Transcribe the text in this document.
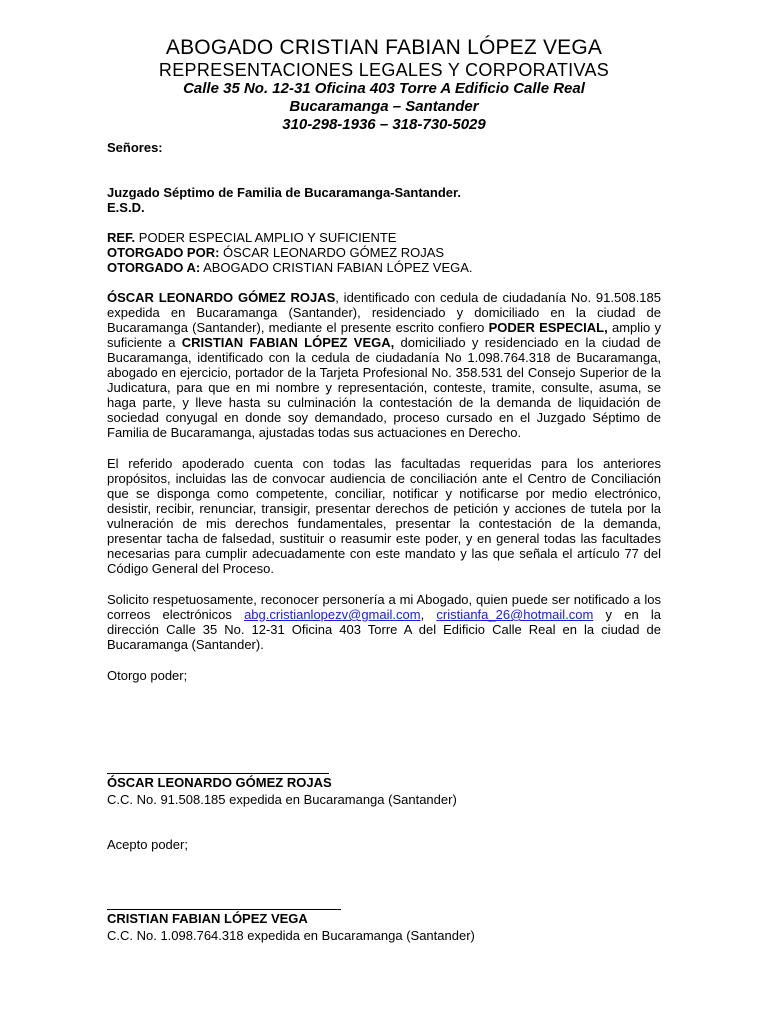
ABOGADO CRISTIAN FABIAN LÓPEZ VEGA
REPRESENTACIONES LEGALES Y CORPORATIVAS
Calle 35 No. 12-31 Oficina 403 Torre A Edificio Calle Real
Bucaramanga – Santander
310-298-1936 – 318-730-5029

Señores:

Juzgado Séptimo de Familia de Bucaramanga-Santander.

E.S.D.

REF. PODER ESPECIAL AMPLIO Y SUFICIENTE

OTORGADO POR: ÓSCAR LEONARDO GÓMEZ ROJAS

OTORGADO A: ABOGADO CRISTIAN FABIAN LÓPEZ VEGA.

ÓSCAR LEONARDO GÓMEZ ROJAS, identificado con cedula de ciudadanía No. 91.508.185 expedida en Bucaramanga (Santander), residenciado y domiciliado en la ciudad de Bucaramanga (Santander), mediante el presente escrito confiero PODER ESPECIAL, amplio y suficiente a CRISTIAN FABIAN LÓPEZ VEGA, domiciliado y residenciado en la ciudad de Bucaramanga, identificado con la cedula de ciudadanía No 1.098.764.318 de Bucaramanga, abogado en ejercicio, portador de la Tarjeta Profesional No. 358.531 del Consejo Superior de la Judicatura, para que en mi nombre y representación, conteste, tramite, consulte, asuma, se haga parte, y lleve hasta su culminación la contestación de la demanda de liquidación de sociedad conyugal en donde soy demandado, proceso cursado en el Juzgado Séptimo de Familia de Bucaramanga, ajustadas todas sus actuaciones en Derecho.

El referido apoderado cuenta con todas las facultadas requeridas para los anteriores propósitos, incluidas las de convocar audiencia de conciliación ante el Centro de Conciliación que se disponga como competente, conciliar, notificar y notificarse por medio electrónico, desistir, recibir, renunciar, transigir, presentar derechos de petición y acciones de tutela por la vulneración de mis derechos fundamentales, presentar la contestación de la demanda, presentar tacha de falsedad, sustituir o reasumir este poder, y en general todas las facultades necesarias para cumplir adecuadamente con este mandato y las que señala el artículo 77 del Código General del Proceso.

Solicito respetuosamente, reconocer personería a mi Abogado, quien puede ser notificado a los correos electrónicos abg.cristianlopezv@gmail.com, cristianfa_26@hotmail.com y en la dirección Calle 35 No. 12-31 Oficina 403 Torre A del Edificio Calle Real en la ciudad de Bucaramanga (Santander).

Otorgo poder;

ÓSCAR LEONARDO GÓMEZ ROJAS
C.C. No. 91.508.185 expedida en Bucaramanga (Santander)
Acepto poder;
CRISTIAN FABIAN LÓPEZ VEGA
C.C. No. 1.098.764.318 expedida en Bucaramanga (Santander)
